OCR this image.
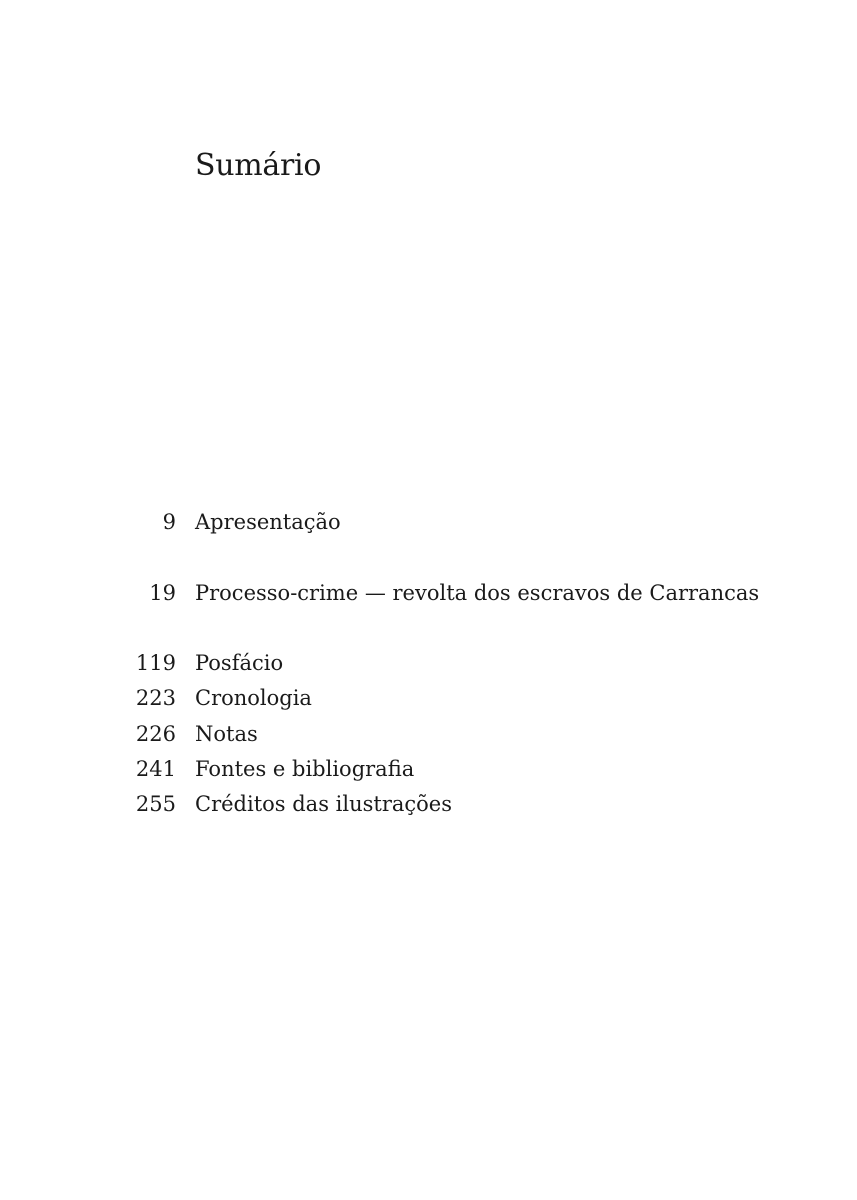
Sumário
9 Apresentação
19 Processo-crime — revolta dos escravos de Carrancas
119 Posfácio
223 Cronologia
226 Notas
241 Fontes e bibliografia
255 Créditos das ilustrações
